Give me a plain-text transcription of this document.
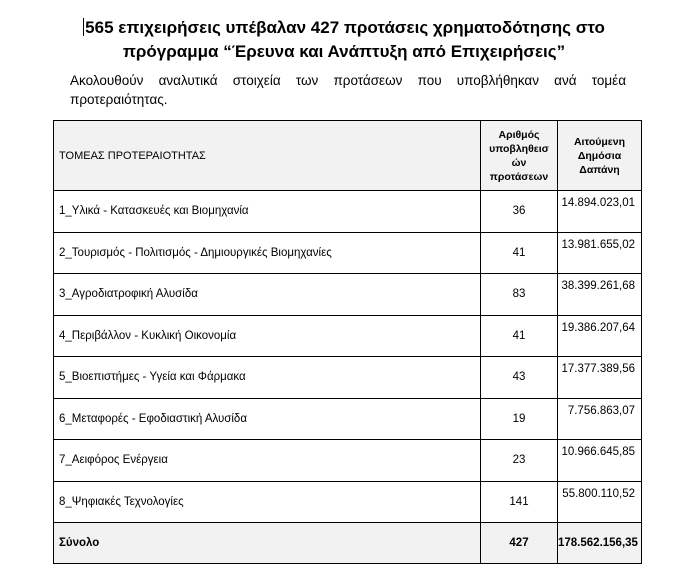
565 επιχειρήσεις υπέβαλαν 427 προτάσεις χρηματοδότησης στο
πρόγραμμα “Έρευνα και Ανάπτυξη από Επιχειρήσεις”
Ακολουθούν αναλυτικά στοιχεία των προτάσεων που υποβλήθηκαν ανά τομέα
προτεραιότητας.
ΤΟΜΕΑΣ ΠΡΟΤΕΡΑΙΟΤΗΤΑΣ	Αριθμός
υποβληθεισ
ών
προτάσεων	Αιτούμενη
Δημόσια Δαπάνη
1_Υλικά - Κατασκευές και Βιομηχανία	36	14.894.023,01
2_Τουρισμός - Πολιτισμός - Δημιουργικές Βιομηχανίες	41	13.981.655,02
3_Αγροδιατροφική Αλυσίδα	83	38.399.261,68
4_Περιβάλλον - Κυκλική Οικονομία	41	19.386.207,64
5_Βιοεπιστήμες - Υγεία και Φάρμακα	43	17.377.389,56
6_Μεταφορές - Εφοδιαστική Αλυσίδα	19	7.756.863,07
7_Αειφόρος Ενέργεια	23	10.966.645,85
8_Ψηφιακές Τεχνολογίες	141	55.800.110,52
Σύνολο	427	178.562.156,35
